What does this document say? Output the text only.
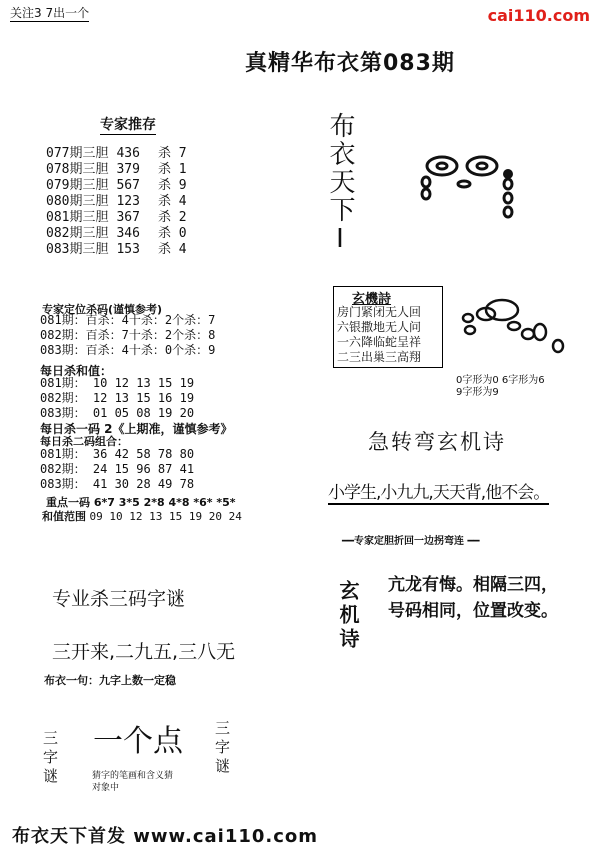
关注3 7出一个	cai110.com
真精华布衣第083期
专家推存
077期三胆 436 杀 7
078期三胆 379 杀 1
079期三胆 567 杀 9
080期三胆 123 杀 4
081期三胆 367 杀 2
082期三胆 346 杀 0
083期三胆 153 杀 4
专家定位杀码(谨慎参考)
081期：百杀：4十杀：2个杀：7
082期：百杀：7十杀：2个杀：8
083期：百杀：4十杀：0个杀：9
每日杀和值：
081期： 10 12 13 15 19
082期： 12 13 15 16 19
083期： 01 05 08 19 20
每日杀一码 2《上期准，谨慎参考》
每日杀二码组合：
081期： 36 42 58 78 80
082期： 24 15 96 87 41
083期： 41 30 28 49 78
重点一码 6*7 3*5 2*8 4*8 *6* *5*
和值范围 09 10 12 13 15 19 20 24
专业杀三码字谜
三开来,二九五,三八无
布衣一句：九字上数一定稳
三字谜 一个点 三字谜
猜字的笔画和含义猜
对象中
布衣天下I
房门紧闭无人回
六银撒地无人问
一六降临蛇呈祥
二三出巢三高翔
玄機詩
0字形为0 6字形为6
9字形为9
急转弯玄机诗
小学生,小九九,天天背,他不会。
━━专家定胆折回一边拐弯连 ━━
玄机诗 亢龙有悔。相隔三四，
号码相同，位置改变。
布衣天下首发 www.cai110.com
